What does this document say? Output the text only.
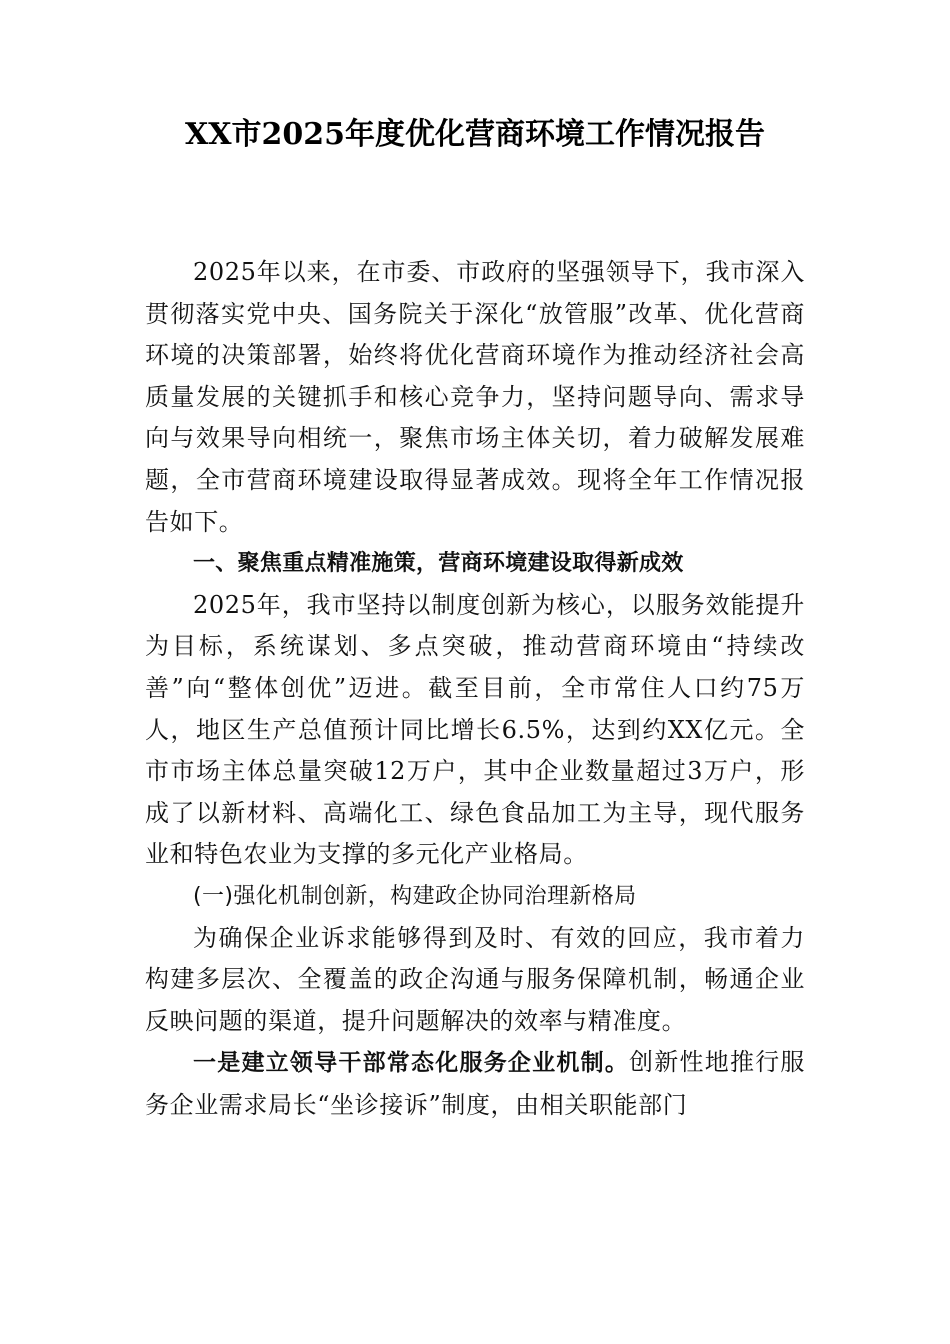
XX市2025年度优化营商环境工作情况报告

2025年以来，在市委、市政府的坚强领导下，我市深入贯彻落实党中央、国务院关于深化“放管服”改革、优化营商环境的决策部署，始终将优化营商环境作为推动经济社会高质量发展的关键抓手和核心竞争力，坚持问题导向、需求导向与效果导向相统一，聚焦市场主体关切，着力破解发展难题，全市营商环境建设取得显著成效。现将全年工作情况报告如下。

一、聚焦重点精准施策，营商环境建设取得新成效

2025年，我市坚持以制度创新为核心，以服务效能提升为目标，系统谋划、多点突破，推动营商环境由“持续改善”向“整体创优”迈进。截至目前，全市常住人口约75万人，地区生产总值预计同比增长6.5%，达到约XX亿元。全市市场主体总量突破12万户，其中企业数量超过3万户，形成了以新材料、高端化工、绿色食品加工为主导，现代服务业和特色农业为支撑的多元化产业格局。

(一)强化机制创新，构建政企协同治理新格局

为确保企业诉求能够得到及时、有效的回应，我市着力构建多层次、全覆盖的政企沟通与服务保障机制，畅通企业反映问题的渠道，提升问题解决的效率与精准度。

一是建立领导干部常态化服务企业机制。创新性地推行服务企业需求局长“坐诊接诉”制度，由相关职能部门
